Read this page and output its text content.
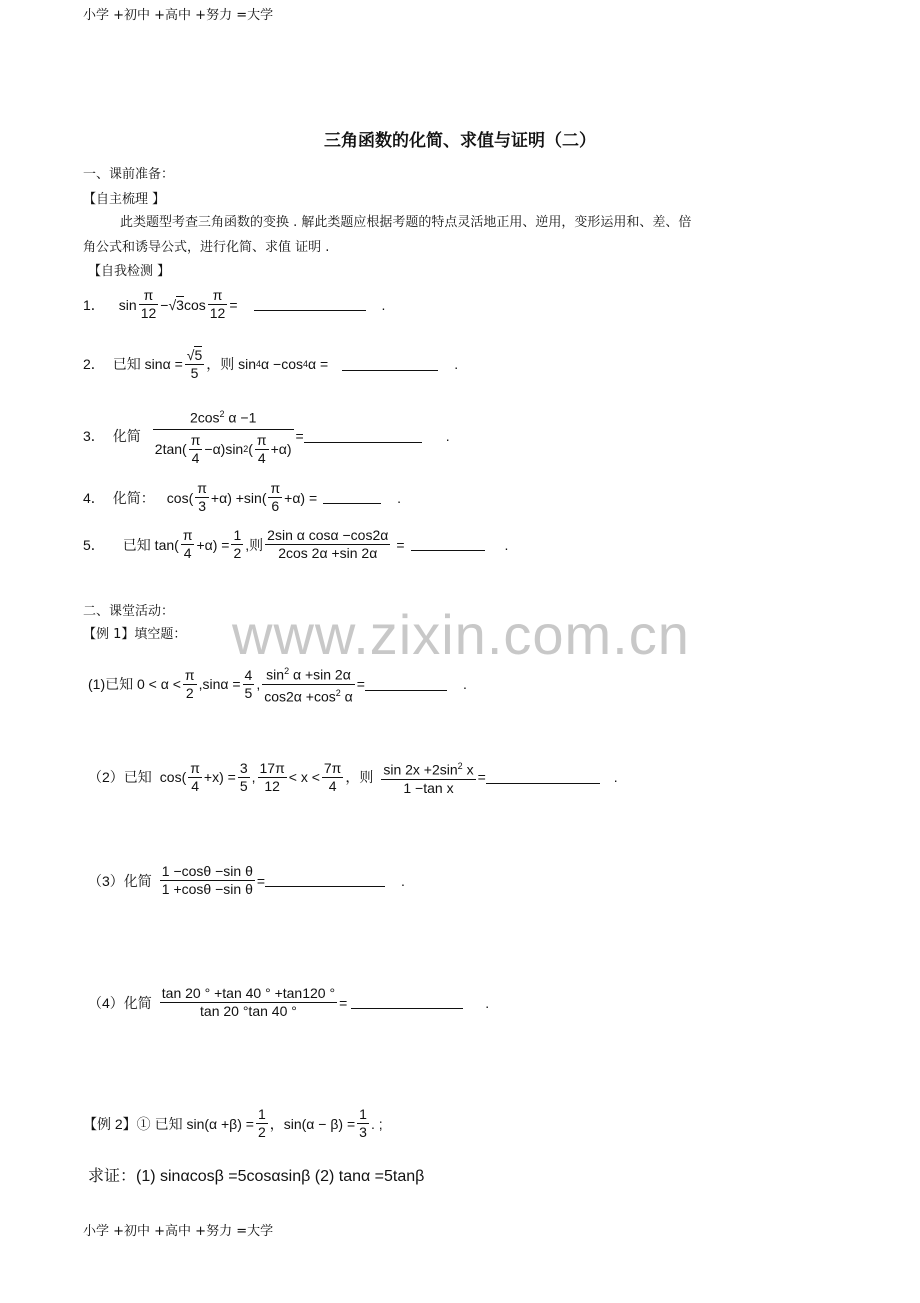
小学 +初中 +高中 +努力 =大学
www.zixin.com.cn
三角函数的化简、求值与证明（二）
一、课前准备：
【自主梳理 】
此类题型考查三角函数的变换 . 解此类题应根据考题的特点灵活地正用、逆用，变形运用和、差、倍
角公式和诱导公式，进行化简、求值 证明 .
【自我检测 】
1． $\sin \frac{\pi}{12}$ − √ 3 $\cos \frac{\pi}{12}$ =	.
2． 已知 $\sin\alpha = \frac{√5}{5}$ ，则 sin 4 α −cos 4 α =	.
3． 化简
$2\cos^2$ α −1
$2\tan( \frac{\pi}{4} -\alpha)\sin$ 2 ( $\frac{\pi}{4} +\alpha$)
=	.
4． 化简： $\cos( \frac{\pi}{3} +\alpha) +\sin( \frac{\pi}{6} +\alpha)$ =	.
5． 已知 $\tan( \frac{\pi}{4} +\alpha) = \frac{1}{2}$ ,则 $\frac{\text{2sin α cosα −cos2α}}{2\cos 2\alpha +\sin 2\alpha}$ =	.
二、课堂活动：
【例 1】填空题：
(1)已知 $0 < \alpha < \frac{\pi}{2} ,\sin\alpha = \frac{4}{5}$ , $\frac{\sin^2 \alpha +\sin 2\alpha}{\cos 2\alpha +\cos^2 \alpha}$ =	.
（2）已知 $\cos( \frac{\pi}{4} +x) = \frac{3}{5}$ , $\frac{17\pi}{12} < x < \frac{7\pi}{4}$ ，则 $\frac{\sin 2x +2\sin^2 x}{\text{1 −tan x}}$ =	.
（3）化简 $\frac{\text{1 −cosθ −sin θ}}{\text{1 +cosθ −sin θ}}$ =	.
（4）化简 $\frac{\tan 20 ^\circ +\tan 40 ^\circ +\tan 120 ^\circ}{\tan 20 ^\circ\tan 40 ^\circ}$ =	.
【例 2】① 已知 $\sin(\alpha +\beta) = \frac{1}{2}$ ，$\sin(\alpha - \beta) = \frac{1}{3}$ . ;
求证：(1) sinαcosβ =5cosαsinβ (2) tanα =5tanβ
小学 +初中 +高中 +努力 =大学
